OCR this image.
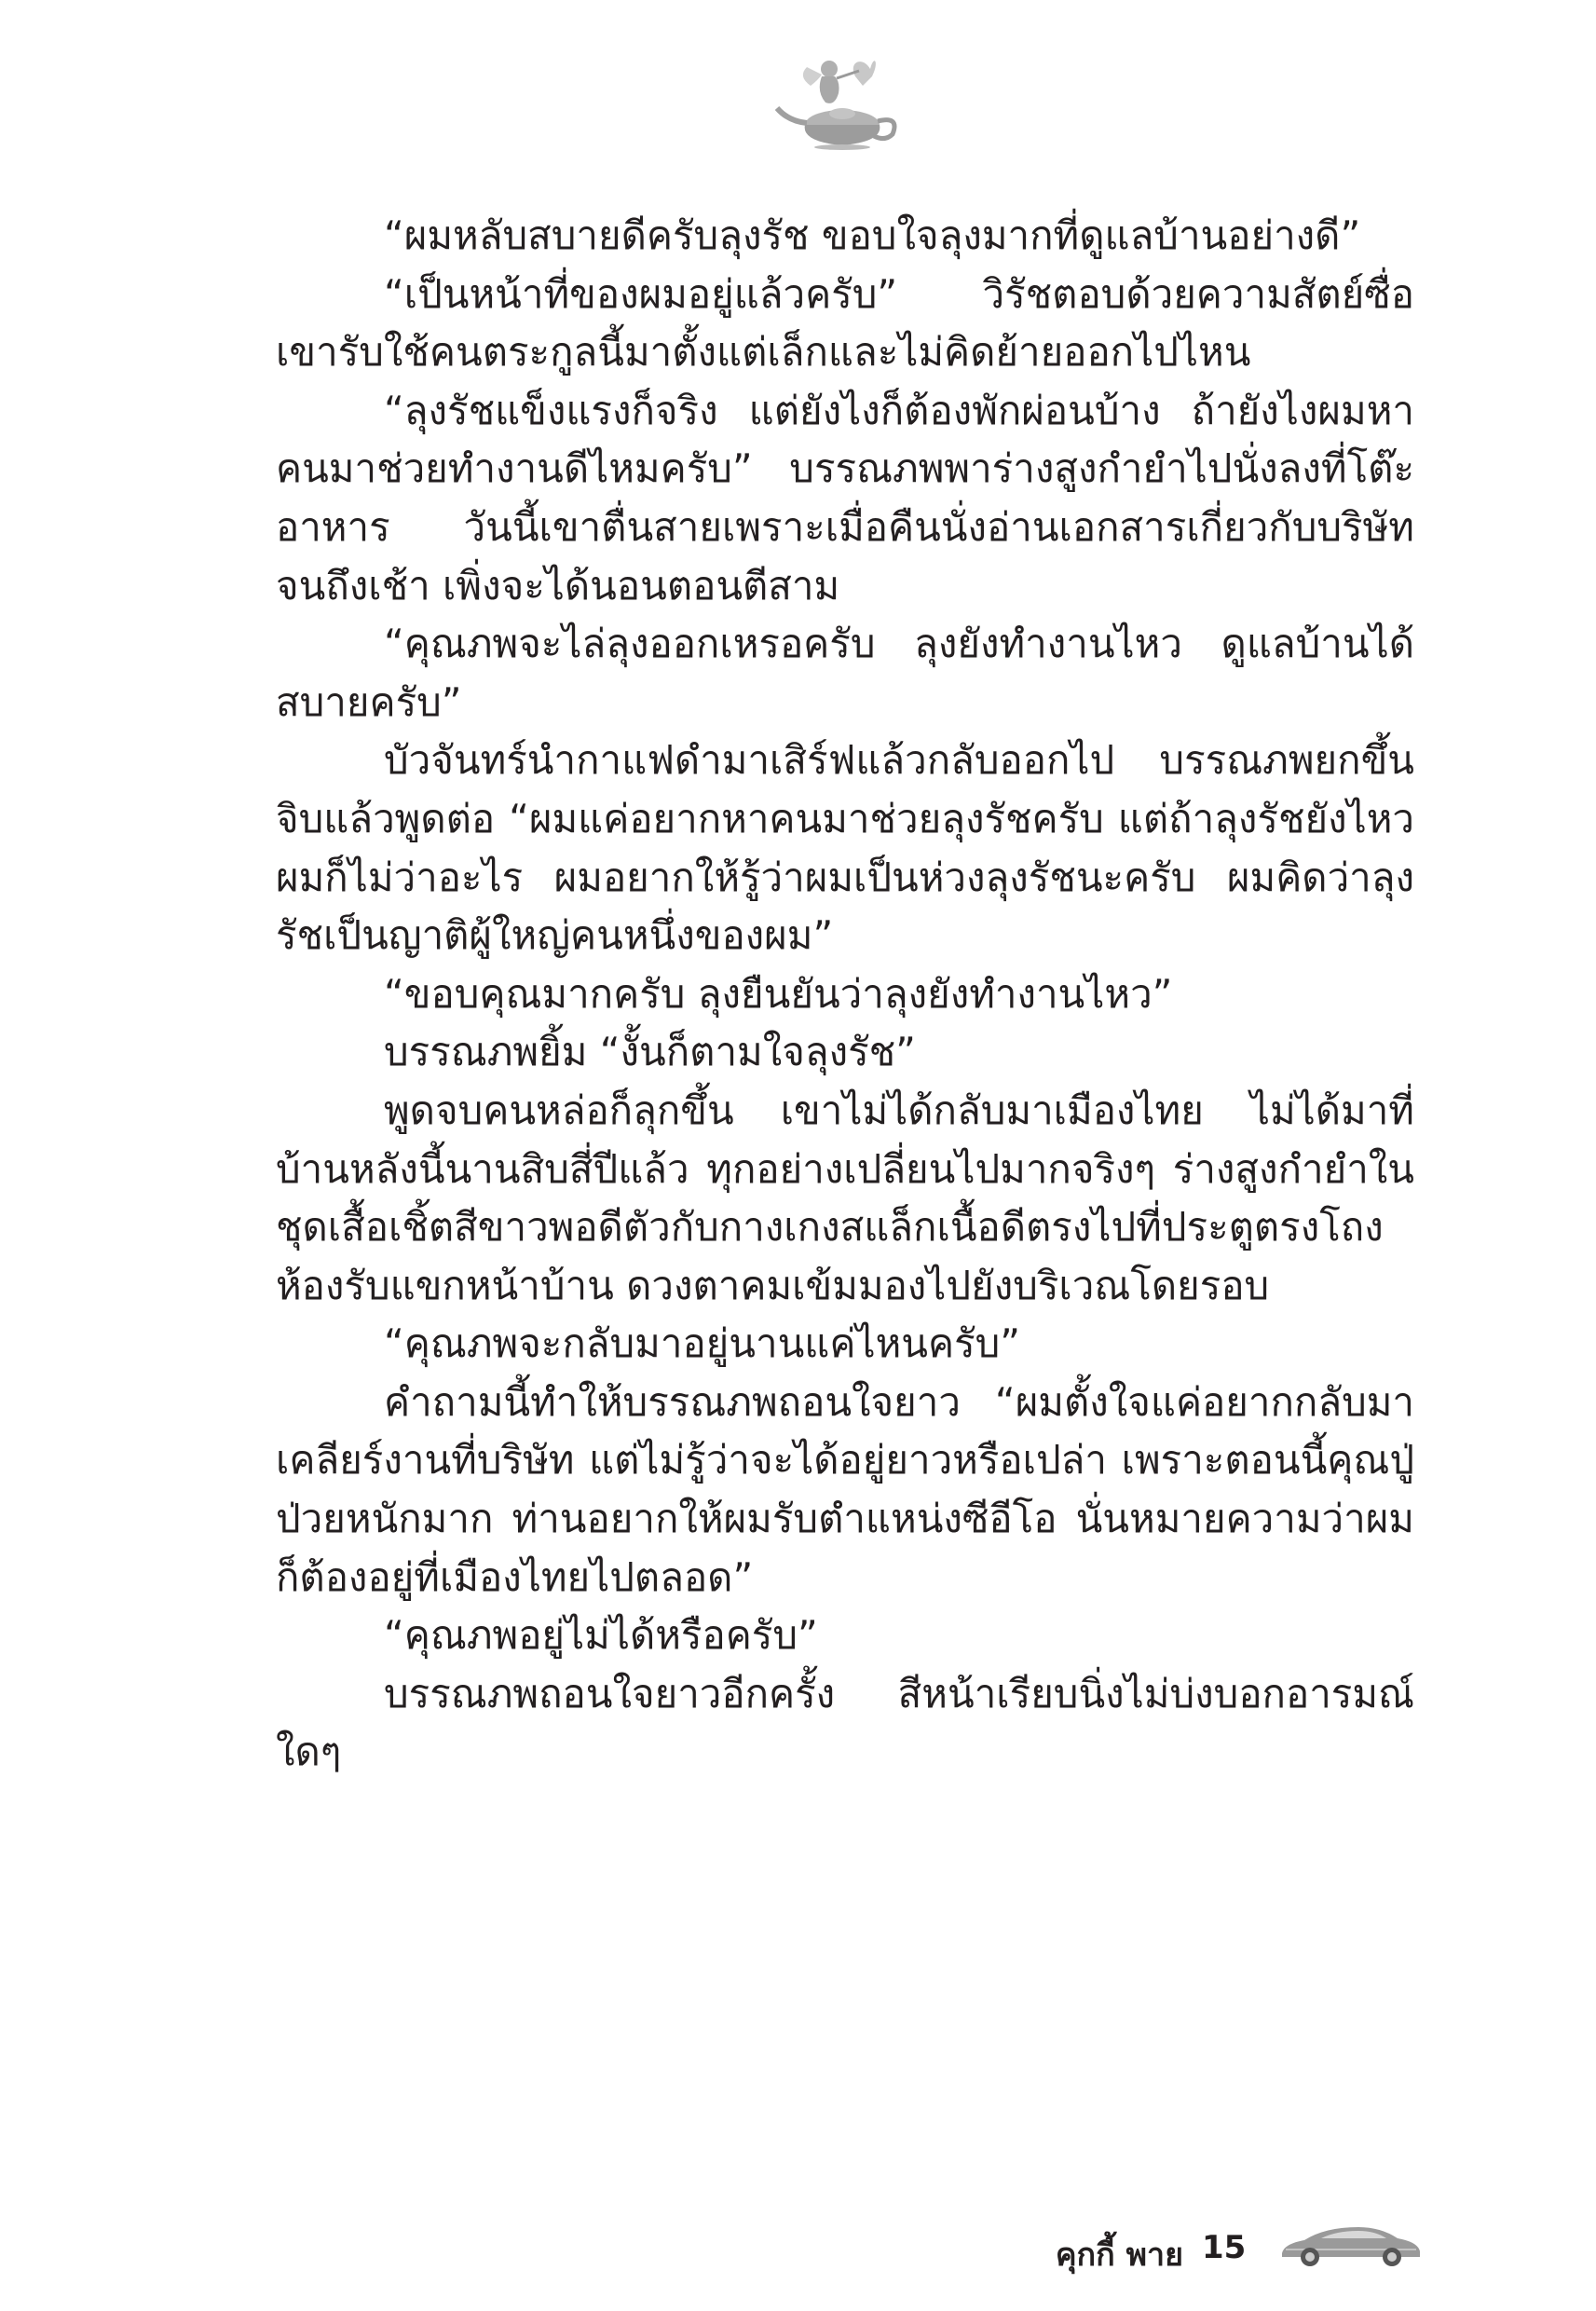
“ผมหลับสบายดีครับลุงรัช ขอบใจลุงมากที่ดูแลบ้านอย่างดี”

“เป็นหน้าที่ของผมอยู่แล้วครับ” วิรัชตอบด้วยความสัตย์ซื่อ เขารับใช้คนตระกูลนี้มาตั้งแต่เล็กและไม่คิดย้ายออกไปไหน

“ลุงรัชแข็งแรงก็จริง แต่ยังไงก็ต้องพักผ่อนบ้าง ถ้ายังไงผมหาคนมาช่วยทำงานดีไหมครับ” บรรณภพพาร่างสูงกำยำไปนั่งลงที่โต๊ะอาหาร วันนี้เขาตื่นสายเพราะเมื่อคืนนั่งอ่านเอกสารเกี่ยวกับบริษัทจนถึงเช้า เพิ่งจะได้นอนตอนตีสาม

“คุณภพจะไล่ลุงออกเหรอครับ ลุงยังทำงานไหว ดูแลบ้านได้สบายครับ”

บัวจันทร์นำกาแฟดำมาเสิร์ฟแล้วกลับออกไป บรรณภพยกขึ้นจิบแล้วพูดต่อ “ผมแค่อยากหาคนมาช่วยลุงรัชครับ แต่ถ้าลุงรัชยังไหวผมก็ไม่ว่าอะไร ผมอยากให้รู้ว่าผมเป็นห่วงลุงรัชนะครับ ผมคิดว่าลุงรัชเป็นญาติผู้ใหญ่คนหนึ่งของผม”

“ขอบคุณมากครับ ลุงยืนยันว่าลุงยังทำงานไหว”

บรรณภพยิ้ม “งั้นก็ตามใจลุงรัช”

พูดจบคนหล่อก็ลุกขึ้น เขาไม่ได้กลับมาเมืองไทย ไม่ได้มาที่บ้านหลังนี้นานสิบสี่ปีแล้ว ทุกอย่างเปลี่ยนไปมากจริงๆ ร่างสูงกำยำในชุดเสื้อเชิ้ตสีขาวพอดีตัวกับกางเกงสแล็กเนื้อดีตรงไปที่ประตูตรงโถงห้องรับแขกหน้าบ้าน ดวงตาคมเข้มมองไปยังบริเวณโดยรอบ

“คุณภพจะกลับมาอยู่นานแค่ไหนครับ”

คำถามนี้ทำให้บรรณภพถอนใจยาว “ผมตั้งใจแค่อยากกลับมาเคลียร์งานที่บริษัท แต่ไม่รู้ว่าจะได้อยู่ยาวหรือเปล่า เพราะตอนนี้คุณปู่ป่วยหนักมาก ท่านอยากให้ผมรับตำแหน่งซีอีโอ นั่นหมายความว่าผมก็ต้องอยู่ที่เมืองไทยไปตลอด”

“คุณภพอยู่ไม่ได้หรือครับ”

บรรณภพถอนใจยาวอีกครั้ง สีหน้าเรียบนิ่งไม่บ่งบอกอารมณ์ใดๆ

คุกกี้ พาย 15
